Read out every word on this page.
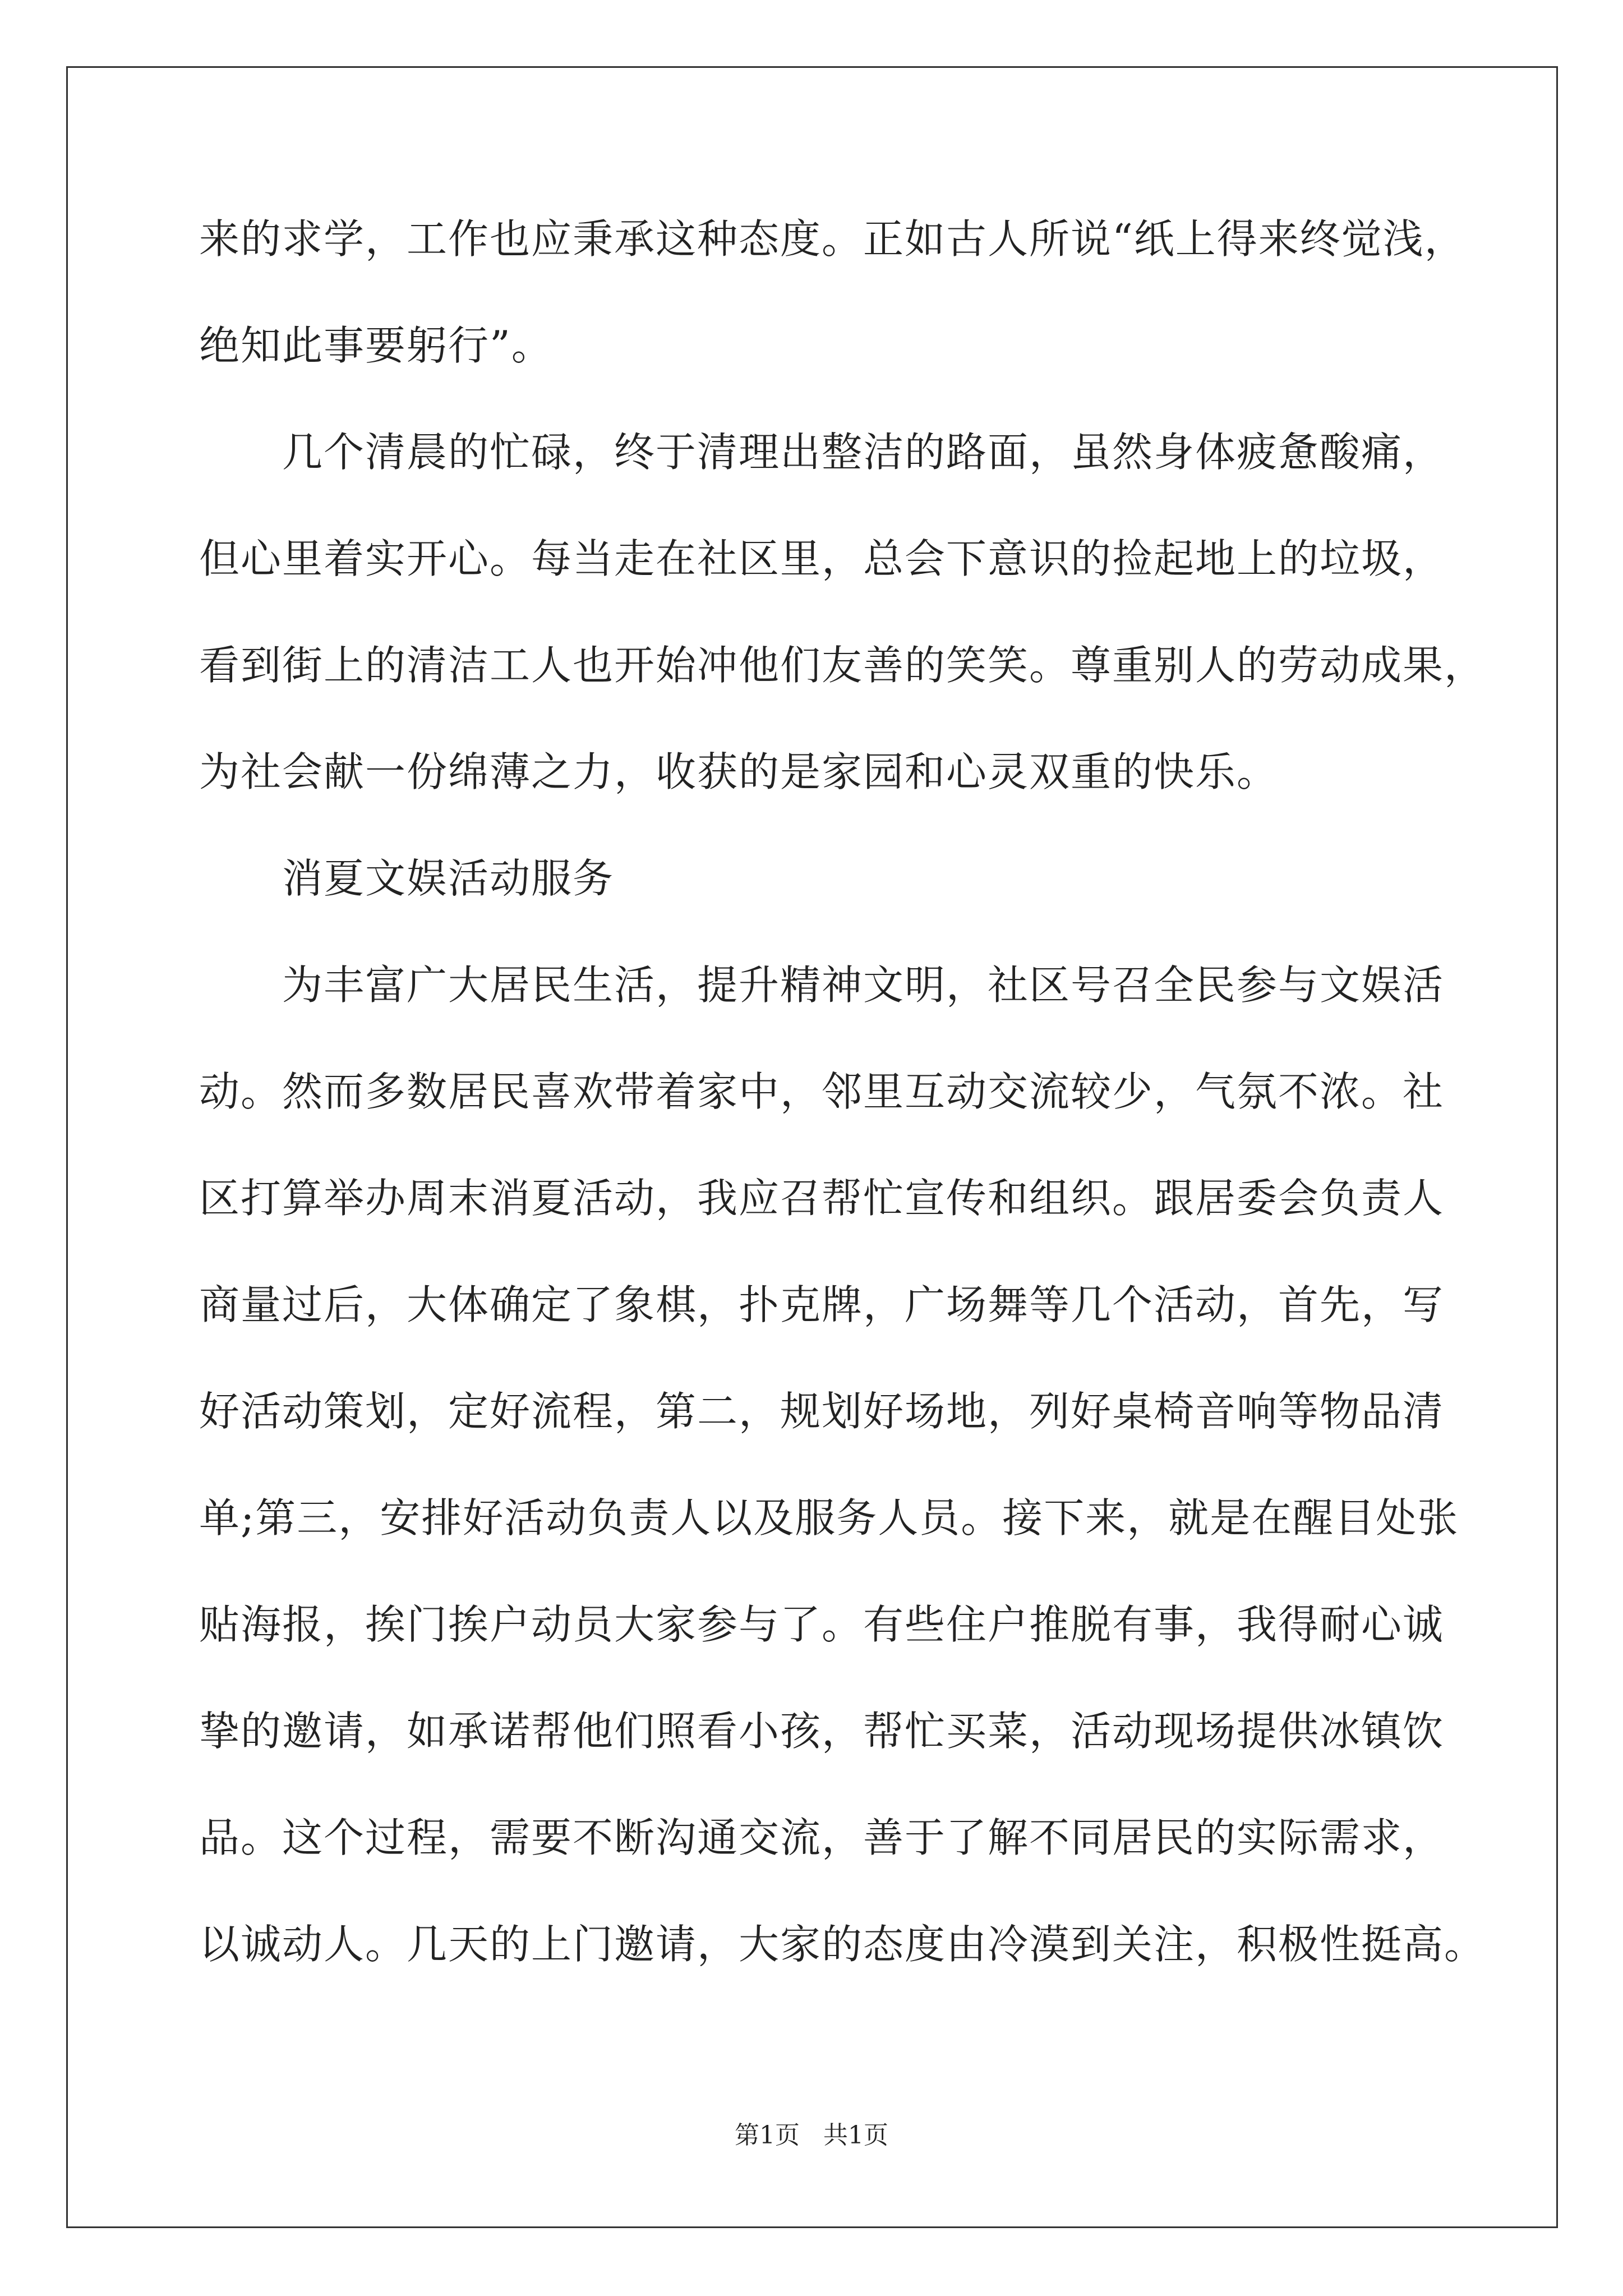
来的求学，工作也应秉承这种态度。正如古人所说“纸上得来终觉浅，
绝知此事要躬行”。
几个清晨的忙碌，终于清理出整洁的路面，虽然身体疲惫酸痛，
但心里着实开心。每当走在社区里，总会下意识的捡起地上的垃圾，
看到街上的清洁工人也开始冲他们友善的笑笑。尊重别人的劳动成果，
为社会献一份绵薄之力，收获的是家园和心灵双重的快乐。
消夏文娱活动服务
为丰富广大居民生活，提升精神文明，社区号召全民参与文娱活
动。然而多数居民喜欢带着家中，邻里互动交流较少，气氛不浓。社
区打算举办周末消夏活动，我应召帮忙宣传和组织。跟居委会负责人
商量过后，大体确定了象棋，扑克牌，广场舞等几个活动，首先，写
好活动策划，定好流程，第二，规划好场地，列好桌椅音响等物品清
单;第三，安排好活动负责人以及服务人员。接下来，就是在醒目处张
贴海报，挨门挨户动员大家参与了。有些住户推脱有事，我得耐心诚
挚的邀请，如承诺帮他们照看小孩，帮忙买菜，活动现场提供冰镇饮
品。这个过程，需要不断沟通交流，善于了解不同居民的实际需求，
以诚动人。几天的上门邀请，大家的态度由冷漠到关注，积极性挺高。
第1页 共1页
